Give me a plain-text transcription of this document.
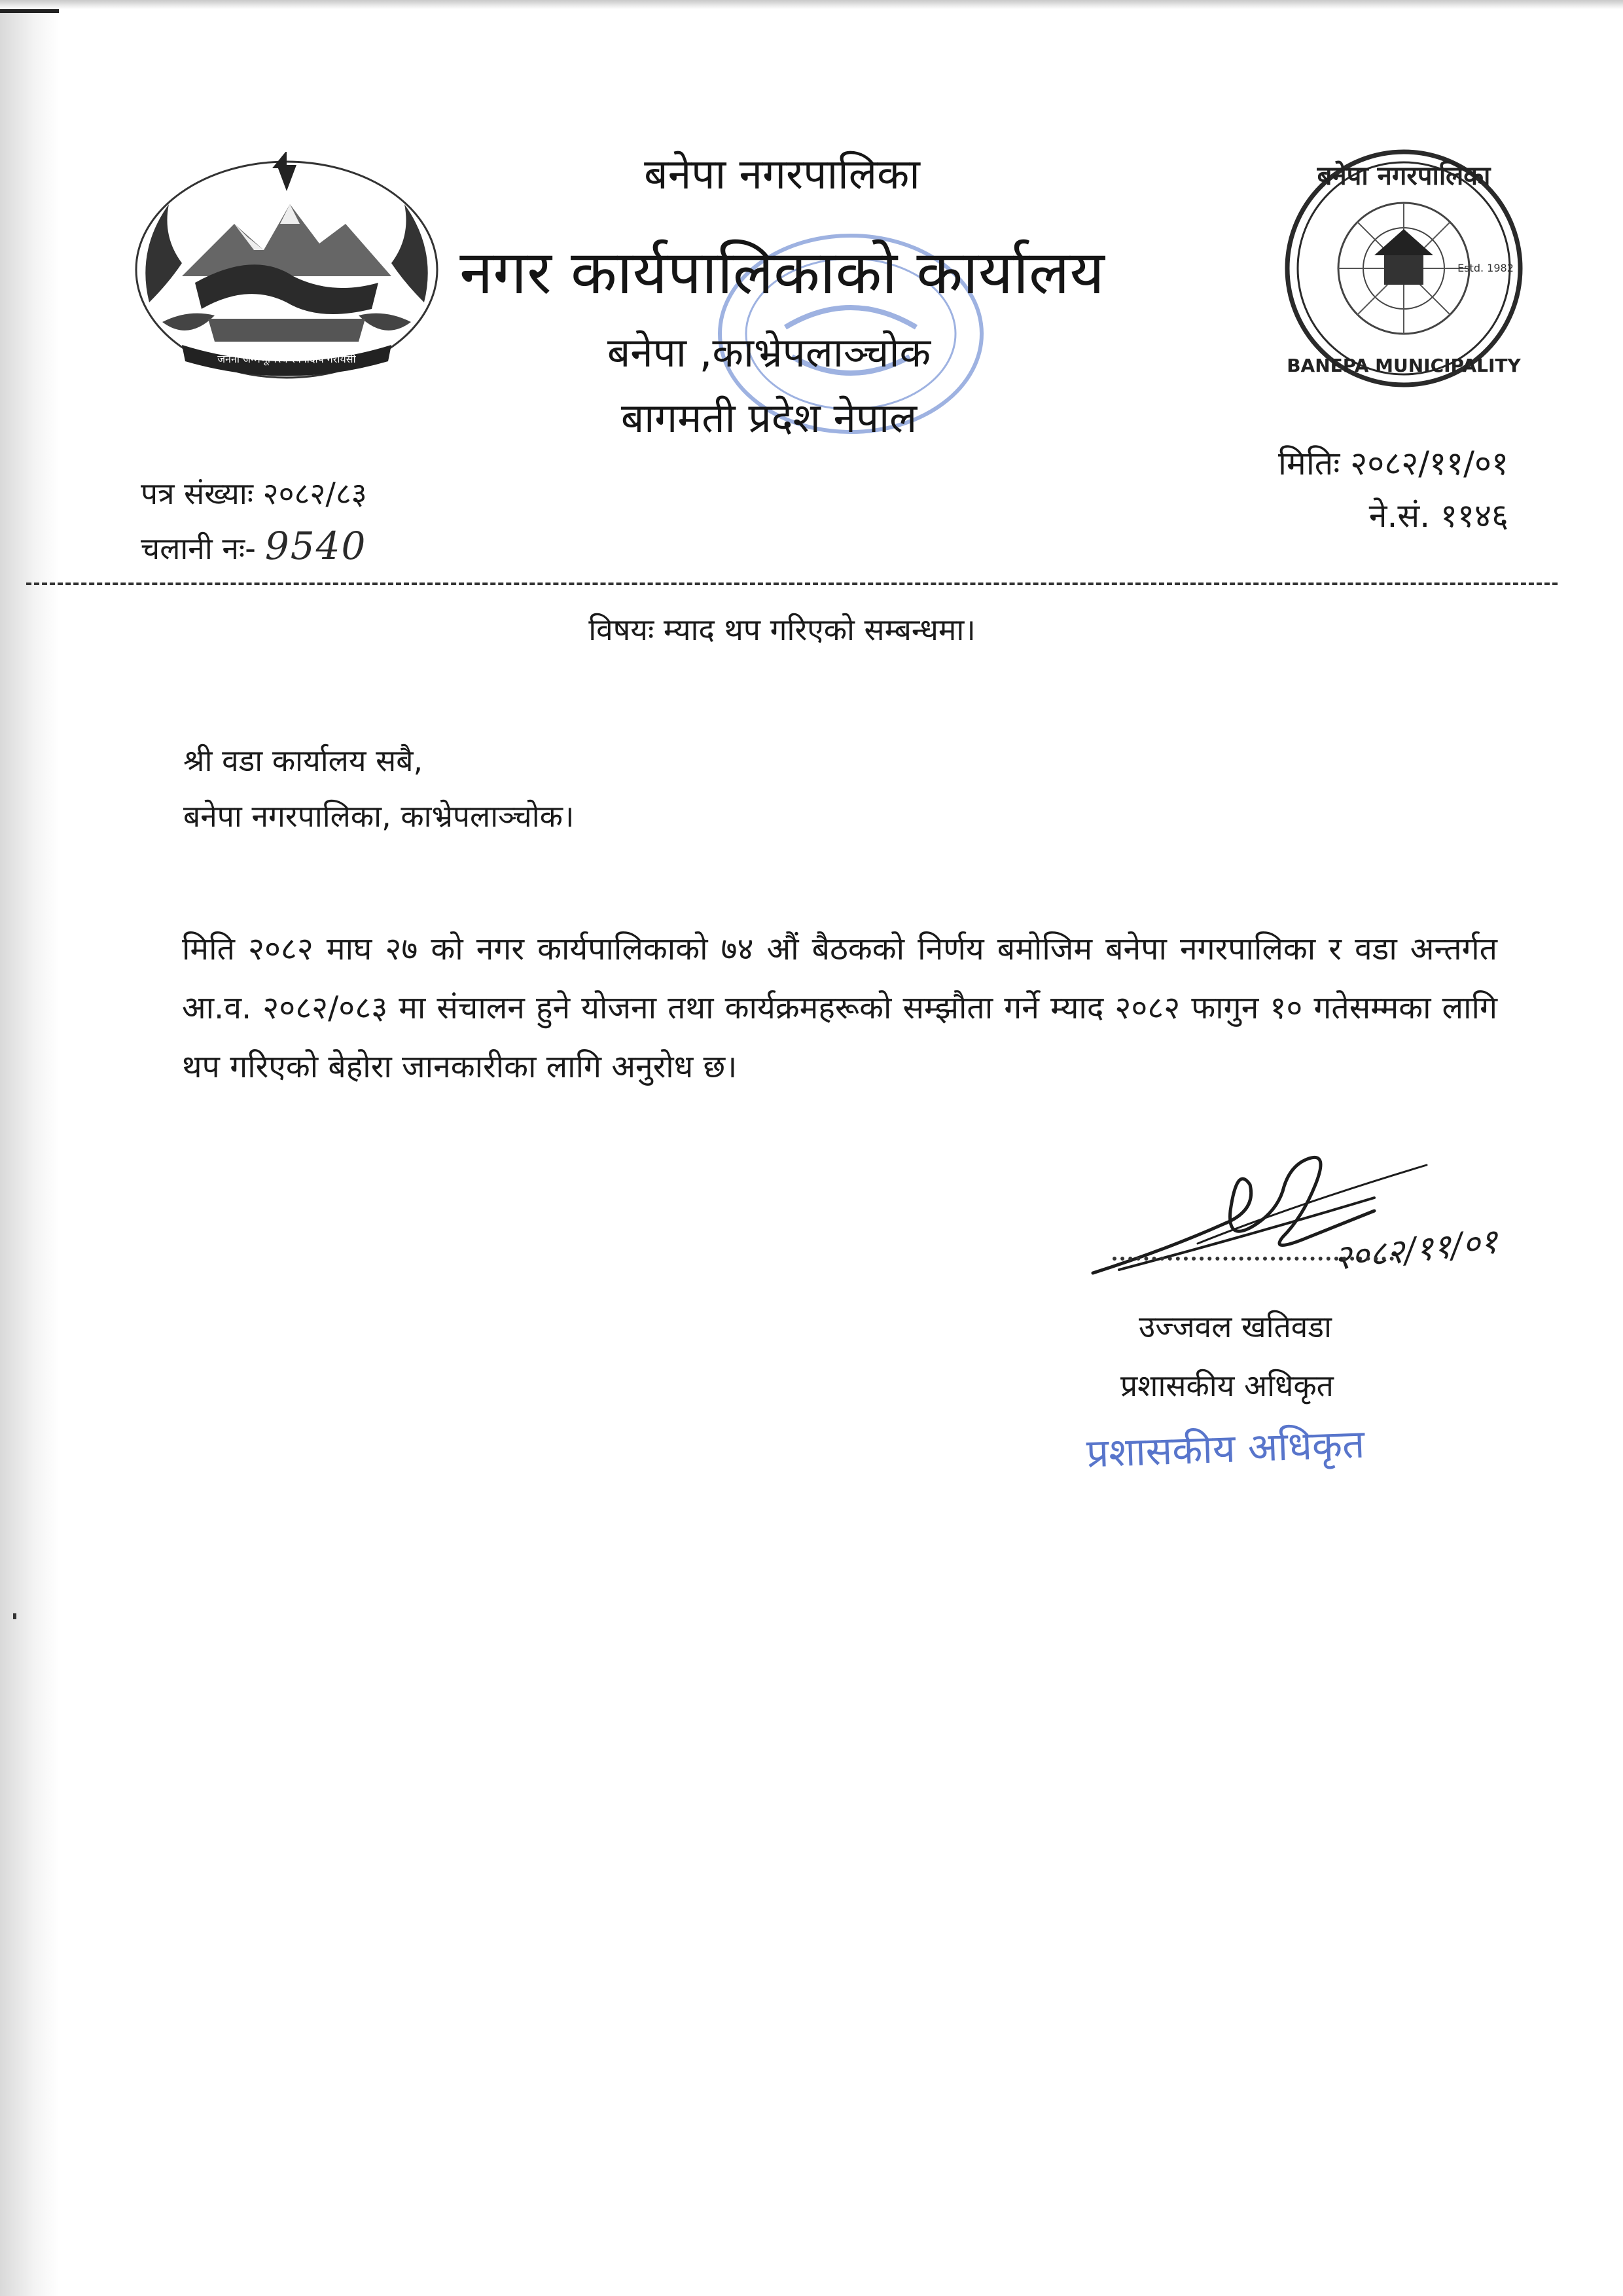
जननी जन्मभूमिश्च स्वर्गादपि गरीयसी
बनेपा नगरपालिका
BANEPA MUNICIPALITY
Estd. 1982
बनेपा नगरपालिका
नगर कार्यपालिकाको कार्यालय
बनेपा ,काभ्रेपलाञ्चोक
बागमती प्रदेश नेपाल
पत्र संख्याः २०८२/८३
चलानी नः- 9540
मितिः २०८२/११/०१
ने.सं. ११४६
विषयः म्याद थप गरिएको सम्बन्धमा।
श्री वडा कार्यालय सबै,
बनेपा नगरपालिका, काभ्रेपलाञ्चोक।
मिति २०८२ माघ २७ को नगर कार्यपालिकाको ७४ औं बैठकको निर्णय बमोजिम बनेपा नगरपालिका र वडा अन्तर्गत आ.व. २०८२/०८३ मा संचालन हुने योजना तथा कार्यक्रमहरूको सम्झौता गर्ने म्याद २०८२ फागुन १० गतेसम्मका लागि थप गरिएको बेहोरा जानकारीका लागि अनुरोध छ।
२०८२/११/०१
उज्जवल खतिवडा
प्रशासकीय अधिकृत
प्रशासकीय अधिकृत
